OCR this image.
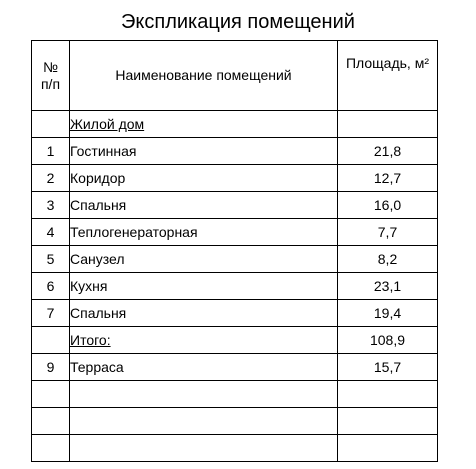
Экспликация помещений
№
п/п	Наименование помещений	Площадь, м²
	Жилой дом	
1	Гостинная	21,8
2	Коридор	12,7
3	Спальня	16,0
4	Теплогенераторная	7,7
5	Санузел	8,2
6	Кухня	23,1
7	Спальня	19,4
	Итого:	108,9
9	Терраса	15,7
